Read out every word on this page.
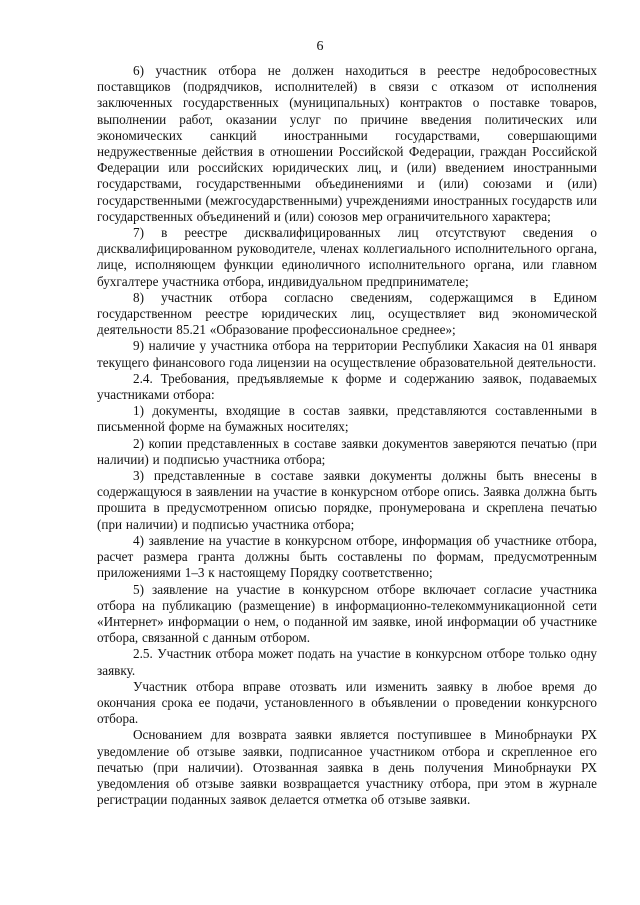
6

6) участник отбора не должен находиться в реестре недобросовестных поставщиков (подрядчиков, исполнителей) в связи с отказом от исполнения заключенных государственных (муниципальных) контрактов о поставке товаров, выполнении работ, оказании услуг по причине введения политических или экономических санкций иностранными государствами, совершающими недружественные действия в отношении Российской Федерации, граждан Российской Федерации или российских юридических лиц, и (или) введением иностранными государствами, государственными объединениями и (или) союзами и (или) государственными (межгосударственными) учреждениями иностранных государств или государственных объединений и (или) союзов мер ограничительного характера;

7) в реестре дисквалифицированных лиц отсутствуют сведения о дисквалифицированном руководителе, членах коллегиального исполнительного органа, лице, исполняющем функции единоличного исполнительного органа, или главном бухгалтере участника отбора, индивидуальном предпринимателе;

8) участник отбора согласно сведениям, содержащимся в Едином государственном реестре юридических лиц, осуществляет вид экономической деятельности 85.21 «Образование профессиональное среднее»;

9) наличие у участника отбора на территории Республики Хакасия на 01 января текущего финансового года лицензии на осуществление образовательной деятельности.

2.4. Требования, предъявляемые к форме и содержанию заявок, подаваемых участниками отбора:

1) документы, входящие в состав заявки, представляются составленными в письменной форме на бумажных носителях;

2) копии представленных в составе заявки документов заверяются печатью (при наличии) и подписью участника отбора;

3) представленные в составе заявки документы должны быть внесены в содержащуюся в заявлении на участие в конкурсном отборе опись. Заявка должна быть прошита в предусмотренном описью порядке, пронумерована и скреплена печатью (при наличии) и подписью участника отбора;

4) заявление на участие в конкурсном отборе, информация об участнике отбора, расчет размера гранта должны быть составлены по формам, предусмотренным приложениями 1–3 к настоящему Порядку соответственно;

5) заявление на участие в конкурсном отборе включает согласие участника отбора на публикацию (размещение) в информационно-телекоммуникационной сети «Интернет» информации о нем, о поданной им заявке, иной информации об участнике отбора, связанной с данным отбором.

2.5. Участник отбора может подать на участие в конкурсном отборе только одну заявку.

Участник отбора вправе отозвать или изменить заявку в любое время до окончания срока ее подачи, установленного в объявлении о проведении конкурсного отбора.

Основанием для возврата заявки является поступившее в Минобрнауки РХ уведомление об отзыве заявки, подписанное участником отбора и скрепленное его печатью (при наличии). Отозванная заявка в день получения Минобрнауки РХ уведомления об отзыве заявки возвращается участнику отбора, при этом в журнале регистрации поданных заявок делается отметка об отзыве заявки.
